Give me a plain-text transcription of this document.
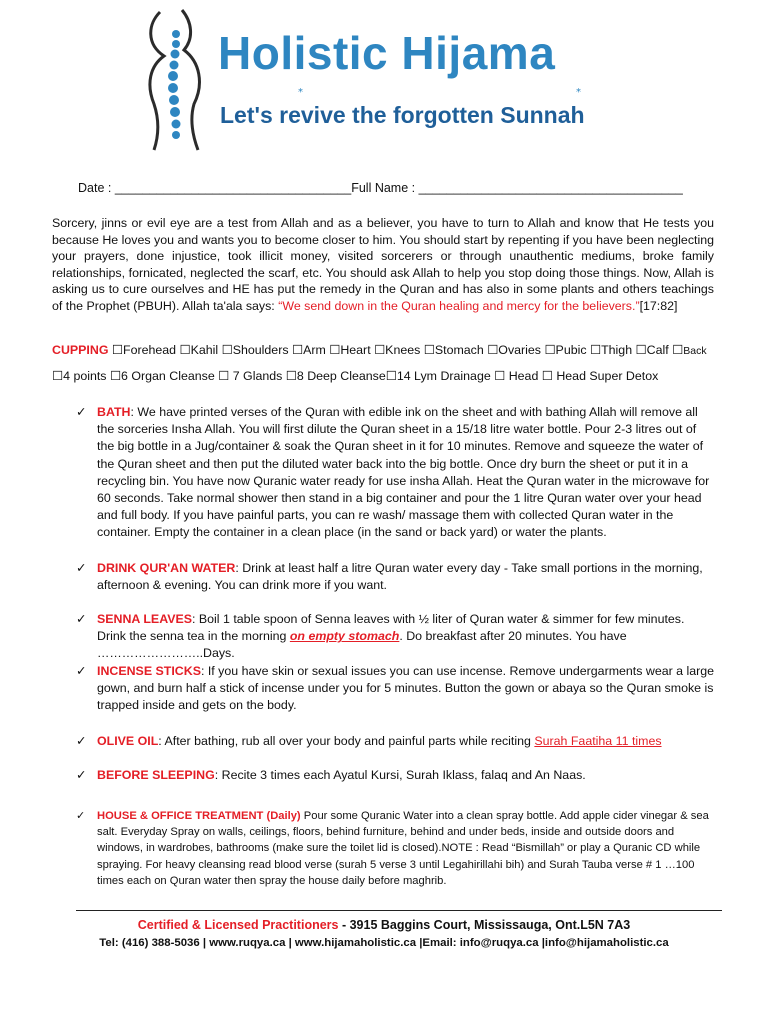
Holistic Hijama
*	*
Let's revive the forgotten Sunnah
Date : __________________________________Full Name : ______________________________________

Sorcery, jinns or evil eye are a test from Allah and as a believer, you have to turn to Allah and know that He tests you because He loves you and wants you to become closer to him. You should start by repenting if you have been neglecting your prayers, done injustice, took illicit money, visited sorcerers or through unauthentic mediums, broke family relationships, fornicated, neglected the scarf, etc. You should ask Allah to help you stop doing those things. Now, Allah is asking us to cure ourselves and HE has put the remedy in the Quran and has also in some plants and others teachings of the Prophet (PBUH). Allah ta'ala says: “We send down in the Quran healing and mercy for the believers.”[17:82]

CUPPING ☐Forehead ☐Kahil ☐Shoulders ☐Arm ☐Heart ☐Knees ☐Stomach ☐Ovaries ☐Pubic ☐Thigh ☐Calf ☐Back
☐4 points ☐6 Organ Cleanse ☐ 7 Glands ☐8 Deep Cleanse☐14 Lym Drainage ☐ Head ☐ Head Super Detox
✓ BATH: We have printed verses of the Quran with edible ink on the sheet and with bathing Allah will remove all the sorceries Insha Allah. You will first dilute the Quran sheet in a 15/18 litre water bottle. Pour 2-3 litres out of the big bottle in a Jug/container & soak the Quran sheet in it for 10 minutes. Remove and squeeze the water of the Quran sheet and then put the diluted water back into the big bottle. Once dry burn the sheet or put it in a recycling bin. You have now Quranic water ready for use insha Allah. Heat the Quran water in the microwave for 60 seconds. Take normal shower then stand in a big container and pour the 1 litre Quran water over your head and full body. If you have painful parts, you can re wash/ massage them with collected Quran water in the container. Empty the container in a clean place (in the sand or back yard) or water the plants.
✓ DRINK QUR'AN WATER: Drink at least half a litre Quran water every day - Take small portions in the morning, afternoon & evening. You can drink more if you want.
✓ SENNA LEAVES: Boil 1 table spoon of Senna leaves with ½ liter of Quran water & simmer for few minutes. Drink the senna tea in the morning on empty stomach. Do breakfast after 20 minutes. You have ……………………..Days.
✓ INCENSE STICKS: If you have skin or sexual issues you can use incense. Remove undergarments wear a large gown, and burn half a stick of incense under you for 5 minutes. Button the gown or abaya so the Quran smoke is trapped inside and gets on the body.
✓ OLIVE OIL: After bathing, rub all over your body and painful parts while reciting Surah Faatiha 11 times
✓ BEFORE SLEEPING: Recite 3 times each Ayatul Kursi, Surah Iklass, falaq and An Naas.
✓	HOUSE & OFFICE TREATMENT (Daily) Pour some Quranic Water into a clean spray bottle. Add apple cider vinegar & sea salt. Everyday Spray on walls, ceilings, floors, behind furniture, behind and under beds, inside and outside doors and windows, in wardrobes, bathrooms (make sure the toilet lid is closed).NOTE : Read “Bismillah” or play a Quranic CD while spraying. For heavy cleansing read blood verse (surah 5 verse 3 until Legahirillahi bih) and Surah Tauba verse # 1 …100 times each on Quran water then spray the house daily before maghrib.
Certified & Licensed Practitioners - 3915 Baggins Court, Mississauga, Ont.L5N 7A3
Tel: (416) 388-5036 | www.ruqya.ca | www.hijamaholistic.ca |Email: info@ruqya.ca |info@hijamaholistic.ca
